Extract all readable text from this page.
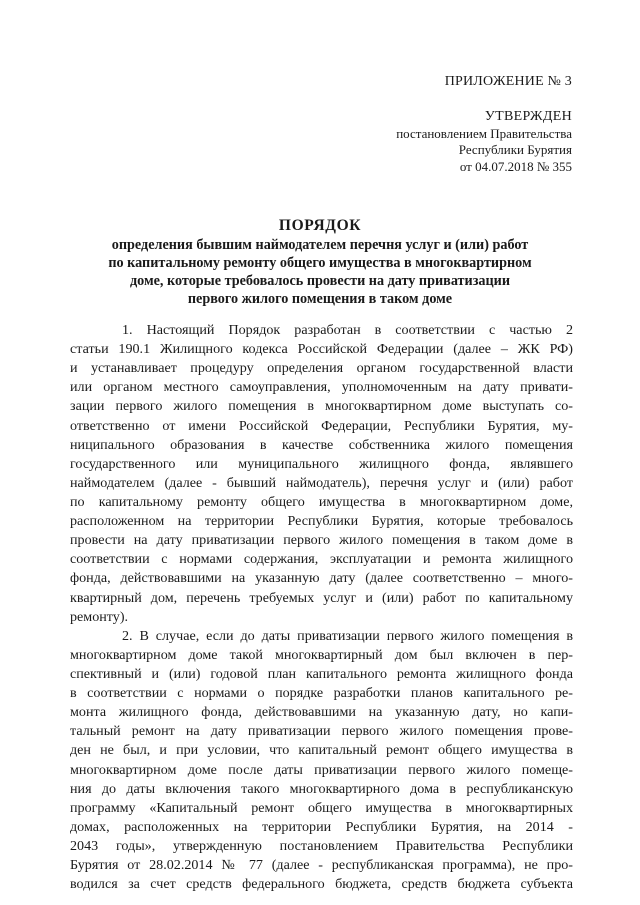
ПРИЛОЖЕНИЕ № 3
УТВЕРЖДЕН
постановлением Правительства
Республики Бурятия
от 04.07.2018 № 355
ПОРЯДОК
определения бывшим наймодателем перечня услуг и (или) работ
по капитальному ремонту общего имущества в многоквартирном
доме, которые требовалось провести на дату приватизации
первого жилого помещения в таком доме
1. Настоящий Порядок разработан в соответствии с частью 2
статьи 190.1 Жилищного кодекса Российской Федерации (далее – ЖК РФ)
и устанавливает процедуру определения органом государственной власти
или органом местного самоуправления, уполномоченным на дату привати-
зации первого жилого помещения в многоквартирном доме выступать со-
ответственно от имени Российской Федерации, Республики Бурятия, му-
ниципального образования в качестве собственника жилого помещения
государственного или муниципального жилищного фонда, являвшего
наймодателем (далее - бывший наймодатель), перечня услуг и (или) работ
по капитальному ремонту общего имущества в многоквартирном доме,
расположенном на территории Республики Бурятия, которые требовалось
провести на дату приватизации первого жилого помещения в таком доме в
соответствии с нормами содержания, эксплуатации и ремонта жилищного
фонда, действовавшими на указанную дату (далее соответственно – много-
квартирный дом, перечень требуемых услуг и (или) работ по капитальному
ремонту).
2. В случае, если до даты приватизации первого жилого помещения в
многоквартирном доме такой многоквартирный дом был включен в пер-
спективный и (или) годовой план капитального ремонта жилищного фонда
в соответствии с нормами о порядке разработки планов капитального ре-
монта жилищного фонда, действовавшими на указанную дату, но капи-
тальный ремонт на дату приватизации первого жилого помещения прове-
ден не был, и при условии, что капитальный ремонт общего имущества в
многоквартирном доме после даты приватизации первого жилого помеще-
ния до даты включения такого многоквартирного дома в республиканскую
программу «Капитальный ремонт общего имущества в многоквартирных
домах, расположенных на территории Республики Бурятия, на 2014 -
2043 годы», утвержденную постановлением Правительства Республики
Бурятия от 28.02.2014 № 77 (далее - республиканская программа), не про-
водился за счет средств федерального бюджета, средств бюджета субъекта
